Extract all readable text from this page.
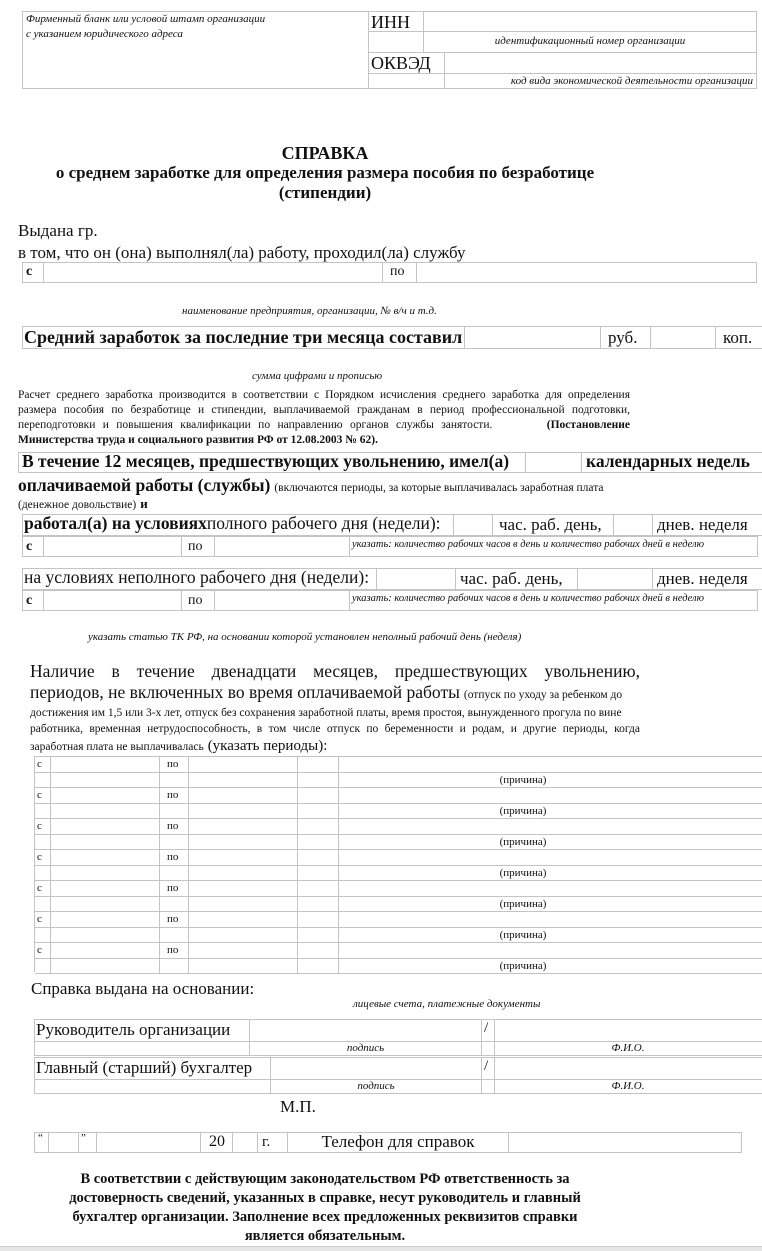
Фирменный бланк или условой штамп организации
с указанием юридического адреса
ИНН
идентификационный номер организации
ОКВЭД
код вида экономической деятельности организации
СПРАВКА
о среднем заработке для определения размера пособия по безработице
(стипендии)
Выдана гр.
в том, что он (она) выполнял(ла) работу, проходил(ла) службу
с	по
наименование предприятия, организации, № в/ч и т.д.
Средний заработок за последние три месяца составил	руб.	коп.
сумма цифрами и прописью
Расчет среднего заработка производится в соответствии с Порядком исчисления среднего заработка для определения
размера пособия по безработице и стипендии, выплачиваемой гражданам в период профессиональной подготовки,
переподготовки и повышения квалификации по направлению органов службы занятости.	(Постановление
Министерства труда и социального развития РФ от 12.08.2003 № 62).
В течение 12 месяцев, предшествующих увольнению, имел(а)	календарных недель
оплачиваемой работы (службы) (включаются периоды, за которые выплачивалась заработная плата
(денежное довольствие) и
работал(а) на условияхполного рабочего дня (недели):	час. раб. день,	днев. неделя
с	по	указать: количество рабочих часов в день и количество рабочих дней в неделю
на условиях неполного рабочего дня (недели):	час. раб. день,	днев. неделя
с	по	указать: количество рабочих часов в день и количество рабочих дней в неделю
указать статью ТК РФ, на основании которой установлен неполный рабочий день (неделя)
Наличие в течение двенадцати месяцев, предшествующих увольнению,
периодов, не включенных во время оплачиваемой работы (отпуск по уходу за ребенком до
достижения им 1,5 или 3-х лет, отпуск без сохранения заработной платы, время простоя, вынужденного прогула по вине
работника, временная нетрудоспособность, в том числе отпуск по беременности и родам, и другие периоды, когда
заработная плата не выплачивалась (указать периоды):
с	по
(причина)
с	по
(причина)
с	по
(причина)
с	по
(причина)
с	по
(причина)
с	по
(причина)
с	по
(причина)
Справка выдана на основании:
лицевые счета, платежные документы
Руководитель организации	/
подпись	Ф.И.О.
Главный (старший) бухгалтер	/
подпись	Ф.И.О.
М.П.
“	”	20 г.	Телефон для справок
В соответствии с действующим законодательством РФ ответственность за
достоверность сведений, указанных в справке, несут руководитель и главный
бухгалтер организации. Заполнение всех предложенных реквизитов справки
является обязательным.
